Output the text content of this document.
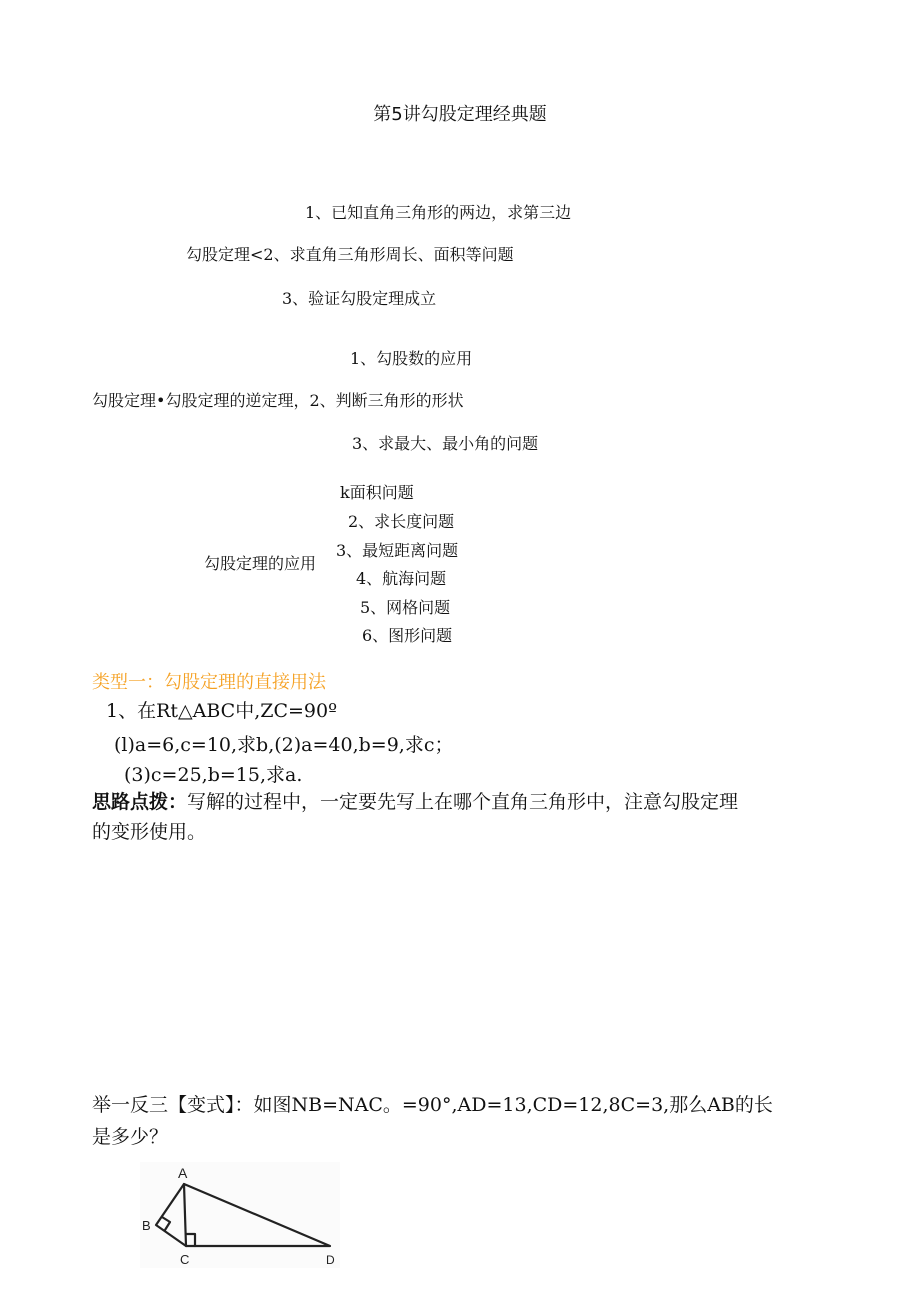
第5讲勾股定理经典题
1、已知直角三角形的两边，求第三边
勾股定理<2、求直角三角形周长、面积等问题
3、验证勾股定理成立
1、勾股数的应用
勾股定理•勾股定理的逆定理，2、判断三角形的形状
3、求最大、最小角的问题
勾股定理的应用
k面积问题
2、求长度问题
3、最短距离问题
4、航海问题
5、网格问题
6、图形问题
类型一：勾股定理的直接用法
1、在Rt△ABC中,ZC=90º
(l)a=6,c=10,求b,(2)a=40,b=9,求c；
(3)c=25,b=15,求a.
思路点拨：写解的过程中，一定要先写上在哪个直角三角形中，注意勾股定理
的变形使用。
举一反三【变式】：如图NB=NAC。=90°,AD=13,CD=12,8C=3,那么AB的长
是多少？
A
B
C	D
